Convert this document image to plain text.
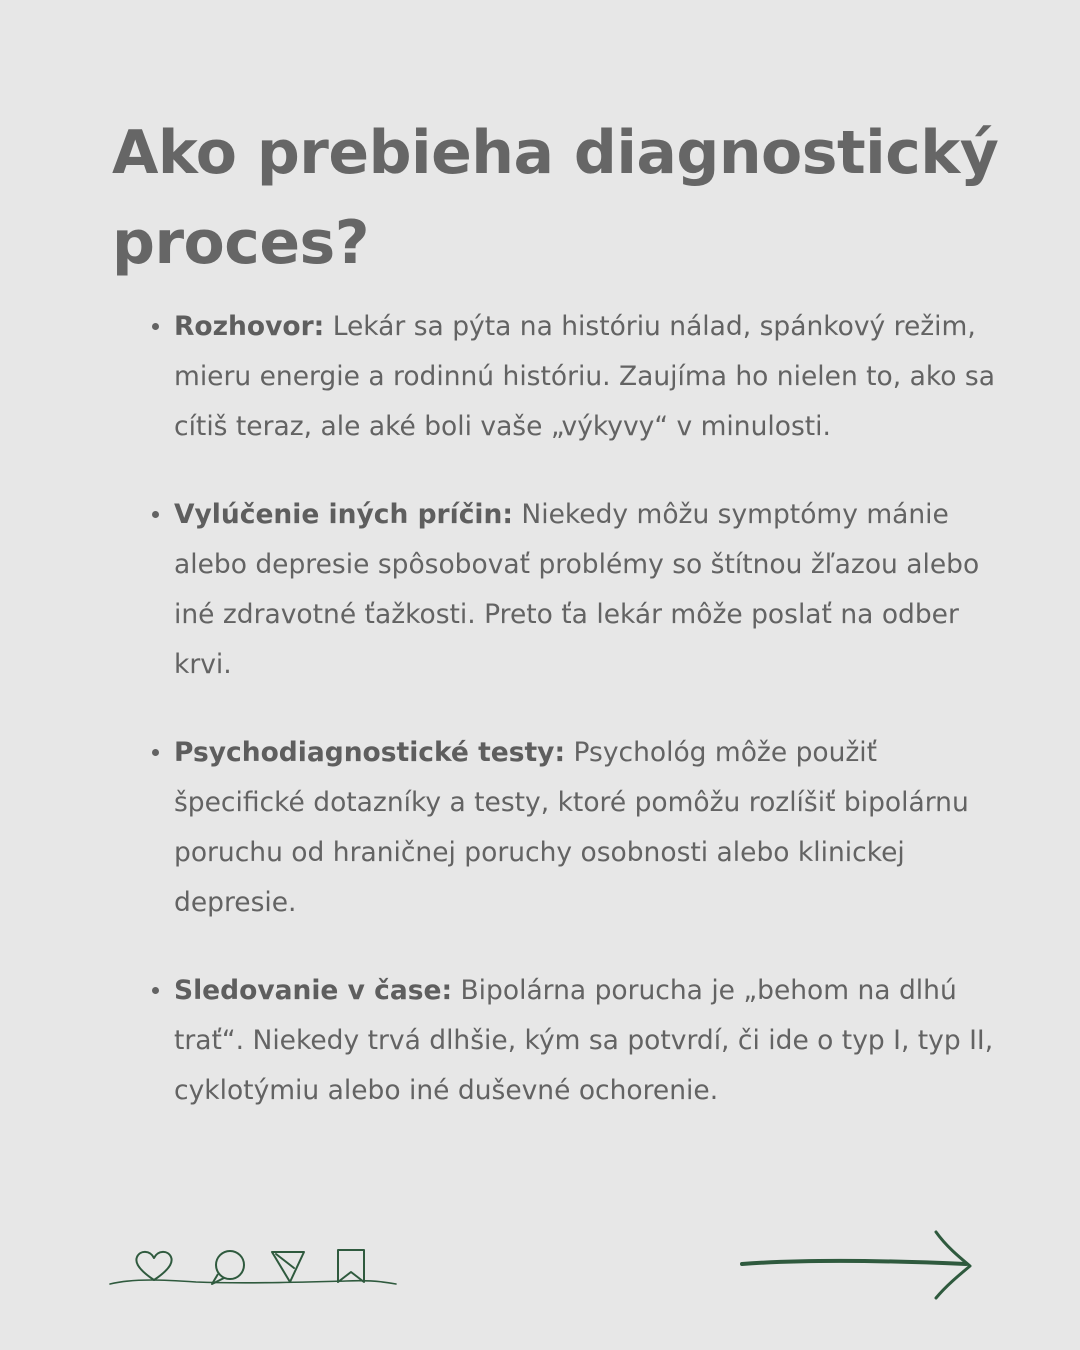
Ako prebieha diagnostický proces?
Rozhovor: Lekár sa pýta na históriu nálad, spánkový režim, mieru energie a rodinnú históriu. Zaujíma ho nielen to, ako sa cítiš teraz, ale aké boli vaše „výkyvy“ v minulosti.
Vylúčenie iných príčin: Niekedy môžu symptómy mánie alebo depresie spôsobovať problémy so štítnou žľazou alebo iné zdravotné ťažkosti. Preto ťa lekár môže poslať na odber krvi.
Psychodiagnostické testy: Psychológ môže použiť špecifické dotazníky a testy, ktoré pomôžu rozlíšiť bipolárnu poruchu od hraničnej poruchy osobnosti alebo klinickej depresie.
Sledovanie v čase: Bipolárna porucha je „behom na dlhú trať“. Niekedy trvá dlhšie, kým sa potvrdí, či ide o typ I, typ II, cyklotýmiu alebo iné duševné ochorenie.
